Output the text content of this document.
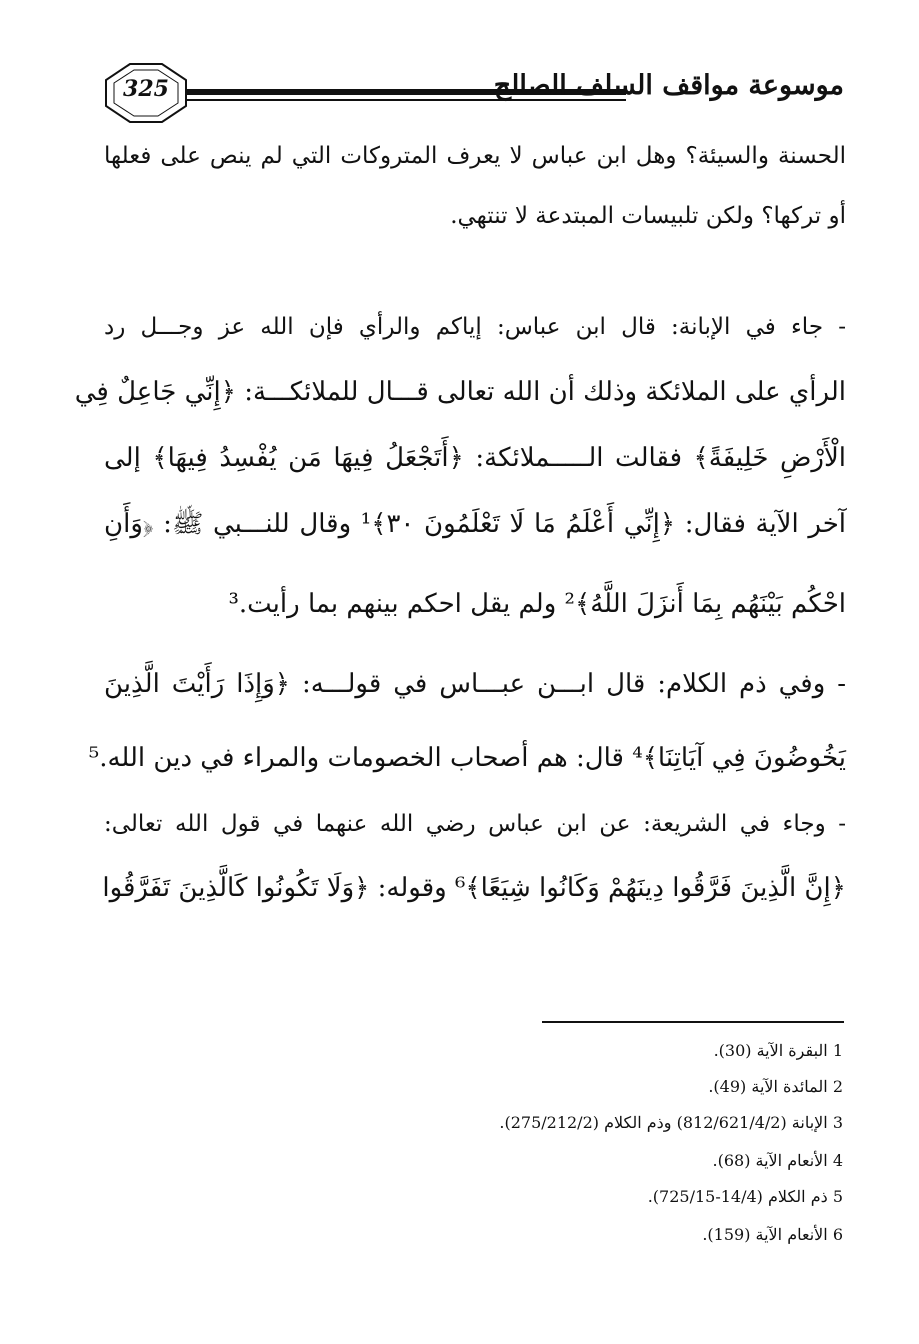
325	موسوعة مواقف السلف الصالح
الحسنة والسيئة؟ وهل ابن عباس لا يعرف المتروكات التي لم ينص على فعلها
أو تركها؟ ولكن تلبيسات المبتدعة لا تنتهي.
- جاء في الإبانة: قال ابن عباس: إياكم والرأي فإن الله عز وجـــل رد
الرأي على الملائكة وذلك أن الله تعالى قـــال للملائكـــة: ﴿إِنِّي جَاعِلٌ فِي
الْأَرْضِ خَلِيفَةً﴾ فقالت الـــــملائكة: ﴿أَتَجْعَلُ فِيهَا مَن يُفْسِدُ فِيهَا﴾ إلى
آخر الآية فقال: ﴿إِنِّي أَعْلَمُ مَا لَا تَعْلَمُونَ ٣٠﴾¹ وقال للنـــبي ﷺ: ﴿وَأَنِ
احْكُم بَيْنَهُم بِمَا أَنزَلَ اللَّهُ﴾² ولم يقل احكم بينهم بما رأيت.³
- وفي ذم الكلام: قال ابـــن عبـــاس في قولـــه: ﴿وَإِذَا رَأَيْتَ الَّذِينَ
يَخُوضُونَ فِي آيَاتِنَا﴾⁴ قال: هم أصحاب الخصومات والمراء في دين الله.⁵
- وجاء في الشريعة: عن ابن عباس رضي الله عنهما في قول الله تعالى:
﴿إِنَّ الَّذِينَ فَرَّقُوا دِينَهُمْ وَكَانُوا شِيَعًا﴾⁶ وقوله: ﴿وَلَا تَكُونُوا كَالَّذِينَ تَفَرَّقُوا
1 البقرة الآية (30).
2 المائدة الآية (49).
3 الإبانة (812/621/4/2) وذم الكلام (275/212/2).
4 الأنعام الآية (68).
5 ذم الكلام (14/4-725/15).
6 الأنعام الآية (159).
